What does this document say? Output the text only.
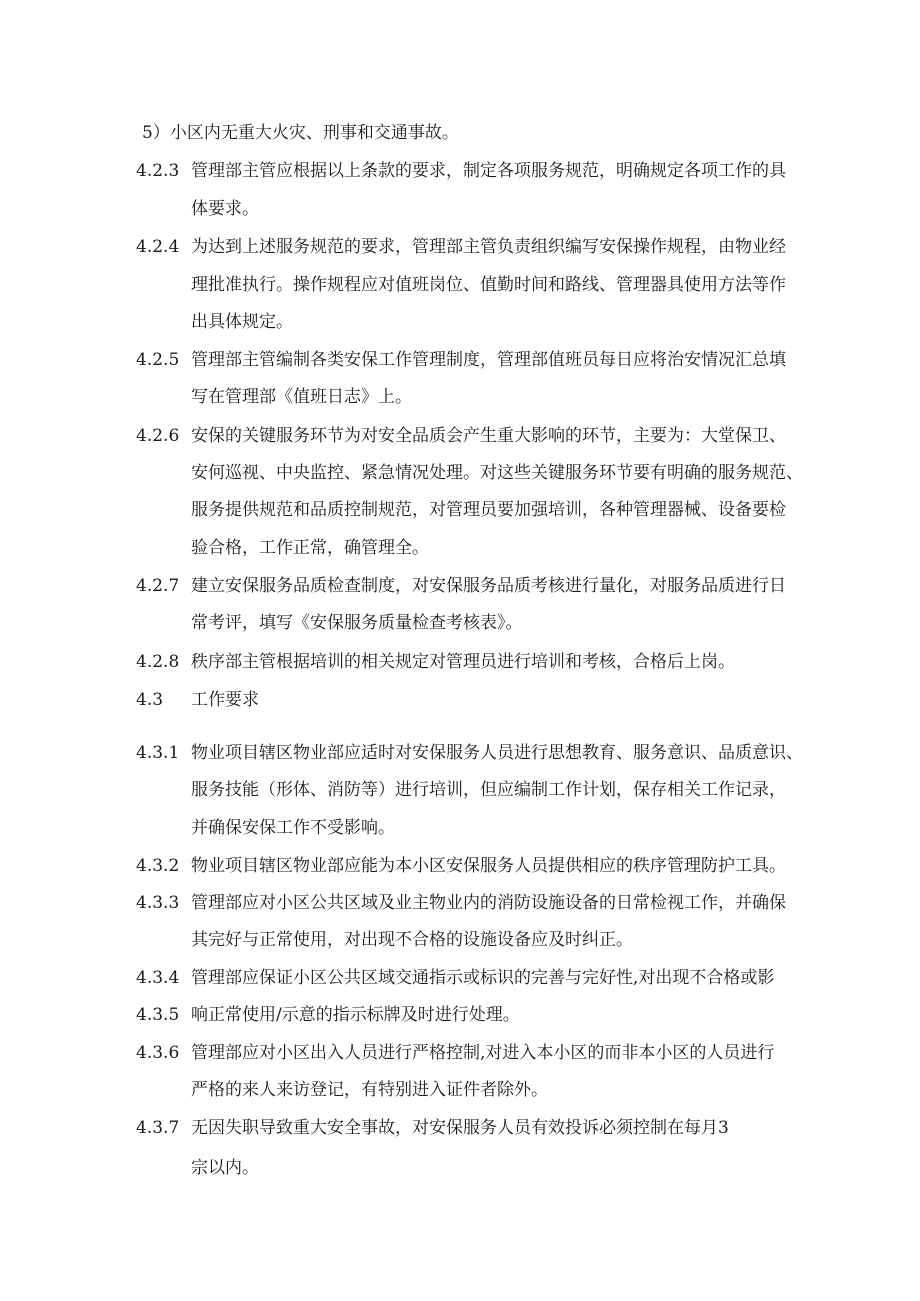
5）小区内无重大火灾、刑事和交通事故。
4.2.3 管理部主管应根据以上条款的要求，制定各项服务规范，明确规定各项工作的具
体要求。
4.2.4 为达到上述服务规范的要求，管理部主管负责组织编写安保操作规程，由物业经
理批准执行。操作规程应对值班岗位、值勤时间和路线、管理器具使用方法等作
出具体规定。
4.2.5 管理部主管编制各类安保工作管理制度，管理部值班员每日应将治安情况汇总填
写在管理部《值班日志》上。
4.2.6 安保的关键服务环节为对安全品质会产生重大影响的环节，主要为：大堂保卫、
安何巡视、中央监控、紧急情况处理。对这些关键服务环节要有明确的服务规范、
服务提供规范和品质控制规范，对管理员要加强培训，各种管理器械、设备要检
验合格，工作正常，确管理全。
4.2.7 建立安保服务品质检查制度，对安保服务品质考核进行量化，对服务品质进行日
常考评，填写《安保服务质量检查考核表》。
4.2.8 秩序部主管根据培训的相关规定对管理员进行培训和考核，合格后上岗。
4.3 工作要求
4.3.1 物业项目辖区物业部应适时对安保服务人员进行思想教育、服务意识、品质意识、
服务技能（形体、消防等）进行培训，但应编制工作计划，保存相关工作记录，
并确保安保工作不受影响。
4.3.2 物业项目辖区物业部应能为本小区安保服务人员提供相应的秩序管理防护工具。
4.3.3 管理部应对小区公共区域及业主物业内的消防设施设备的日常检视工作，并确保
其完好与正常使用，对出现不合格的设施设备应及时纠正。
4.3.4 管理部应保证小区公共区域交通指示或标识的完善与完好性,对出现不合格或影
4.3.5 响正常使用/示意的指示标牌及时进行处理。
4.3.6 管理部应对小区出入人员进行严格控制,对进入本小区的而非本小区的人员进行
严格的来人来访登记，有特别进入证件者除外。
4.3.7 无因失职导致重大安全事故，对安保服务人员有效投诉必须控制在每月3
宗以内。
